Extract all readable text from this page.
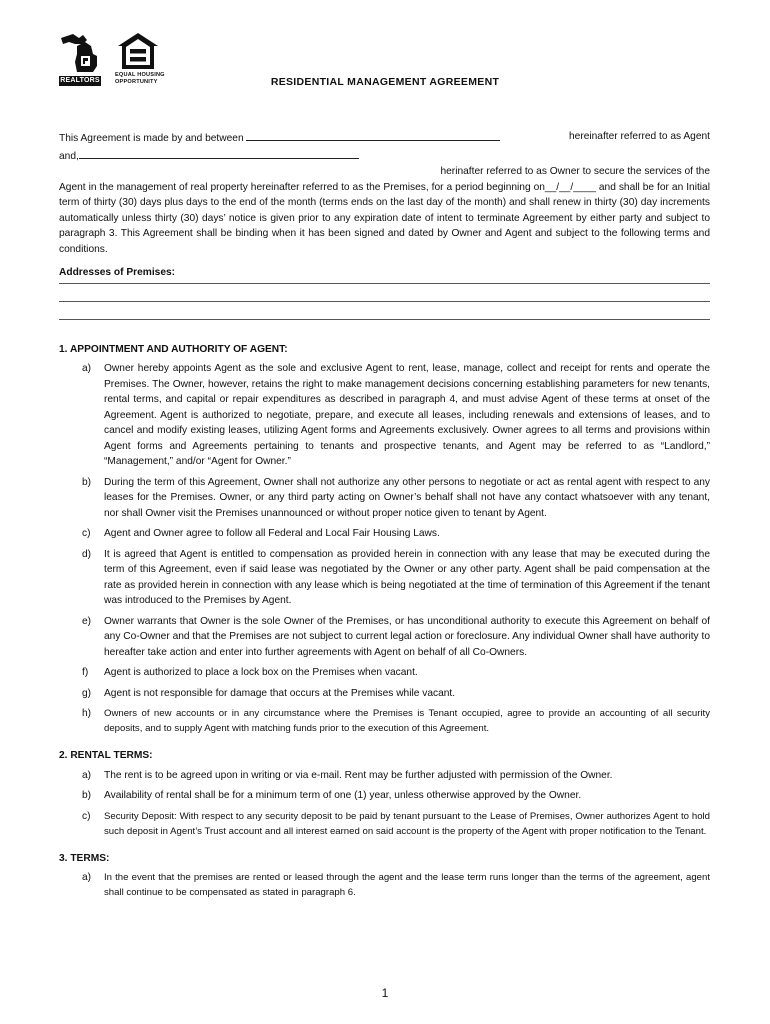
REALTORS
EQUAL HOUSING
OPPORTUNITY	RESIDENTIAL MANAGEMENT AGREEMENT
This Agreement is made by and between	hereinafter referred to as Agent
and,
herinafter referred to as Owner to secure the services of the
Agent in the management of real property hereinafter referred to as the Premises, for a period beginning on__/__/____ and shall be for an Initial term of thirty (30) days plus days to the end of the month (terms ends on the last day of the month) and shall renew in thirty (30) day increments automatically unless thirty (30) days’ notice is given prior to any expiration date of intent to terminate Agreement by either party and subject to paragraph 3. This Agreement shall be binding when it has been signed and dated by Owner and Agent and subject to the following terms and conditions.
Addresses of Premises:
1. APPOINTMENT AND AUTHORITY OF AGENT:
a)	Owner hereby appoints Agent as the sole and exclusive Agent to rent, lease, manage, collect and receipt for rents and operate the Premises. The Owner, however, retains the right to make management decisions concerning establishing parameters for new tenants, rental terms, and capital or repair expenditures as described in paragraph 4, and must advise Agent of these terms at onset of the Agreement. Agent is authorized to negotiate, prepare, and execute all leases, including renewals and extensions of leases, and to cancel and modify existing leases, utilizing Agent forms and Agreements exclusively. Owner agrees to all terms and provisions within Agent forms and Agreements pertaining to tenants and prospective tenants, and Agent may be referred to as “Landlord,” “Management,” and/or “Agent for Owner.”
b)	During the term of this Agreement, Owner shall not authorize any other persons to negotiate or act as rental agent with respect to any leases for the Premises. Owner, or any third party acting on Owner’s behalf shall not have any contact whatsoever with any tenant, nor shall Owner visit the Premises unannounced or without proper notice given to tenant by Agent.
c)	Agent and Owner agree to follow all Federal and Local Fair Housing Laws.
d)	It is agreed that Agent is entitled to compensation as provided herein in connection with any lease that may be executed during the term of this Agreement, even if said lease was negotiated by the Owner or any other party. Agent shall be paid compensation at the rate as provided herein in connection with any lease which is being negotiated at the time of termination of this Agreement if the tenant was introduced to the Premises by Agent.
e)	Owner warrants that Owner is the sole Owner of the Premises, or has unconditional authority to execute this Agreement on behalf of any Co-Owner and that the Premises are not subject to current legal action or foreclosure. Any individual Owner shall have authority to hereafter take action and enter into further agreements with Agent on behalf of all Co-Owners.
f)	Agent is authorized to place a lock box on the Premises when vacant.
g)	Agent is not responsible for damage that occurs at the Premises while vacant.
h)	Owners of new accounts or in any circumstance where the Premises is Tenant occupied, agree to provide an accounting of all security deposits, and to supply Agent with matching funds prior to the execution of this Agreement.
2. RENTAL TERMS:
a)	The rent is to be agreed upon in writing or via e-mail. Rent may be further adjusted with permission of the Owner.
b)	Availability of rental shall be for a minimum term of one (1) year, unless otherwise approved by the Owner.
c)	Security Deposit: With respect to any security deposit to be paid by tenant pursuant to the Lease of Premises, Owner authorizes Agent to hold such deposit in Agent’s Trust account and all interest earned on said account is the property of the Agent with proper notification to the Tenant.
3. TERMS:
a)	In the event that the premises are rented or leased through the agent and the lease term runs longer than the terms of the agreement, agent shall continue to be compensated as stated in paragraph 6.
1
